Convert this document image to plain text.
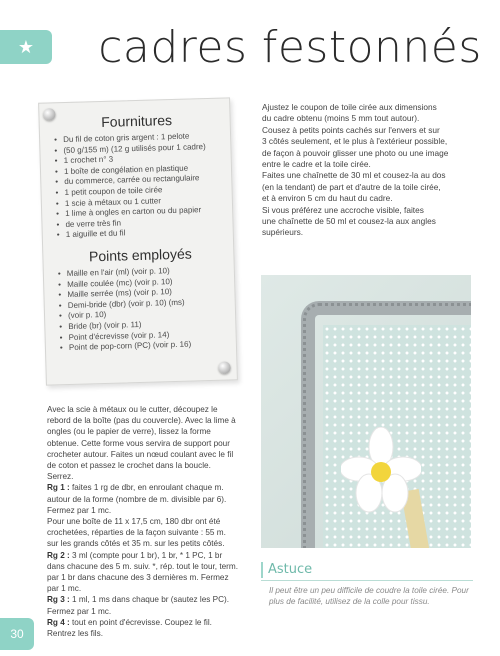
★ cadres festonnés
Fournitures
• Du fil de coton gris argent : 1 pelote
• (50 g/155 m) (12 g utilisés pour 1 cadre)
• 1 crochet n° 3
• 1 boîte de congélation en plastique
• du commerce, carrée ou rectangulaire
• 1 petit coupon de toile cirée
• 1 scie à métaux ou 1 cutter
• 1 lime à ongles en carton ou du papier
• de verre très fin
• 1 aiguille et du fil
Points employés
• Maille en l'air (ml) (voir p. 10)
• Maille coulée (mc) (voir p. 10)
• Maille serrée (ms) (voir p. 10)
• Demi-bride (dbr) (voir p. 10) (ms)
• (voir p. 10)
• Bride (br) (voir p. 11)
• Point d'écrevisse (voir p. 14)
• Point de pop-corn (PC) (voir p. 16)

Ajustez le coupon de toile cirée aux dimensions
du cadre obtenu (moins 5 mm tout autour).
Cousez à petits points cachés sur l'envers et sur
3 côtés seulement, et le plus à l'extérieur possible,
de façon à pouvoir glisser une photo ou une image
entre le cadre et la toile cirée.
Faites une chaînette de 30 ml et cousez-la au dos
(en la tendant) de part et d'autre de la toile cirée,
et à environ 5 cm du haut du cadre.
Si vous préférez une accroche visible, faites
une chaînette de 50 ml et cousez-la aux angles
supérieurs.

Avec la scie à métaux ou le cutter, découpez le rebord de la boîte (pas du couvercle). Avec la lime à ongles (ou le papier de verre), lissez la forme obtenue. Cette forme vous servira de support pour crocheter autour. Faites un nœud coulant avec le fil de coton et passez le crochet dans la boucle. Serrez.

Rg 1 : faites 1 rg de dbr, en enroulant chaque m. autour de la forme (nombre de m. divisible par 6). Fermez par 1 mc.

Pour une boîte de 11 x 17,5 cm, 180 dbr ont été crochetées, réparties de la façon suivante : 55 m. sur les grands côtés et 35 m. sur les petits côtés.

Rg 2 : 3 ml (compte pour 1 br), 1 br, * 1 PC, 1 br dans chacune des 5 m. suiv. *, rép. tout le tour, term. par 1 br dans chacune des 3 dernières m. Fermez par 1 mc.

Rg 3 : 1 ml, 1 ms dans chaque br (sautez les PC). Fermez par 1 mc.

Rg 4 : tout en point d'écrevisse. Coupez le fil. Rentrez les fils.

Astuce

Il peut être un peu difficile de coudre la toile cirée. Pour plus de facilité, utilisez de la colle pour tissu.

30
